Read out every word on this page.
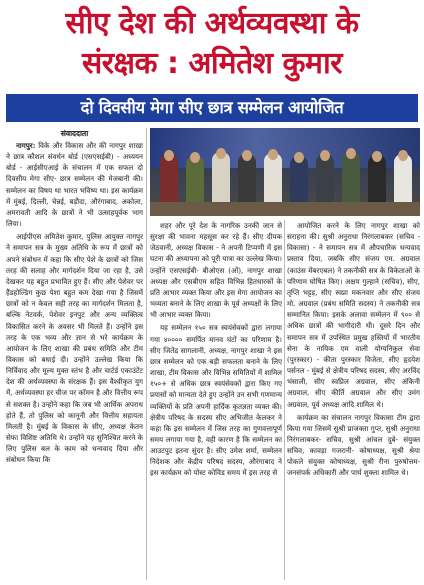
सीए देश की अर्थव्यवस्था के
संरक्षक : अमितेश कुमार
दो दिवसीय मेगा सीए छात्र सम्मेलन आयोजित
संवाददाता

नागपुर: विके और विकास और की नागपुर शाखा ने छात्र कौशल संवर्धन बोर्ड (एसएसईबी) - अध्ययन बोर्ड - आईसीएआई के संचालन में एक सफल दो दिवसीय मेगा सीए- छात्र सम्मेलन की मेजबानी की। सम्मेलन का विषय था भारत भविष्य था। इस कार्यक्रम में मुंबई, दिल्ली, चेन्नई, बड़ौदा, औरंगाबाद, अकोला, अमरावती आदि के छात्रों ने भी उत्साहपूर्वक भाग लिया।

आईपीएस अमितेश कुमार, पुलिस आयुक्त नागपुर ने समापन सत्र के मुख्य अतिथि के रूप में छात्रों को अपने संबोधन में कहा कि सीए पेशे के छात्रों को जिस तरह की सलाह और मार्गदर्शन दिया जा रहा है, उसे देखकर यह बहुत प्रभावित हुए हैं। सीए और पेशेवर पर हैंडहोल्डिंग कुछ पेशा बहुत कम देखा गया है जिसमें छात्रों को न केवल सही तरह का मार्गदर्शन मिलता है, बल्कि नेटवर्क, पेशेवर इनपुट और अन्य व्यक्तित्व विकासित करने के अवसर भी मिलते हैं। उन्होंने इस तरह के एक भव्य और ज्ञान से भरे कार्यक्रम के आयोजन के लिए शाखा की प्रबंध समिति और टीम विकास को बधाई दी। उन्होंने उल्लेख किया कि निर्विवाद और मूल्य मुक्त स्तंभ है और चार्टर्ड एकाउंटेंट देश की अर्थव्यवस्था के संरक्षक हैं। इस वैश्वीकृत युग में, अर्थव्यवस्था हर चीज पर कॉमन है और वित्तीय रूप से सशक्त है। उन्होंने कहा कि जब भी आर्थिक अपराध होते हैं, तो पुलिस को कानूनी और वित्तीय सहायता मिलती है। मुंबई के विकास के सीए, अध्यक्ष केतन सेफा विशिष्ट अतिथि थे। उन्होंने यह सुनिश्चित करने के लिए पुलिस बल के काम को धन्यवाद दिया और संबोधन किया कि

शहर और पूरे देश के नागरिक उनकी जान से सुरक्षा की भावना महसूस कर रहे हैं। सीए दीपक जेठवानी, अध्यक्ष विकास - ने अपनी टिप्पणी में इस घटना की अध्यापना को पूरी यात्रा का उल्लेख किया। उन्होंने एसएसईबी- बीओएस (ओं), नागपुर शाखा अध्यक्ष और एसबीएम सहित विभिन्न हितधारकों के प्रति आभार व्यक्त किया और इस मेगा आयोजन का भव्यता बनाने के लिए शाखा के पूर्व अध्यक्षों के लिए भी आभार व्यक्त किया।

यह सम्मेलन १५० सत्र स्वयंसेवकों द्वारा लगाया गया ४०००० समर्पित मानव घंटों का परिणाम है। सीए जितेंद्र सागलानी, अध्यक्ष, नागपुर शाखा ने इस छात्र सम्मेलन को एक बड़ी सफलता बनाने के लिए शाखा, टीम विकास और विभिन्न समितियों में शामिल १५०+ से अधिक छात्र स्वयंसेवकों द्वारा किए गए प्रयासों को मान्यता देते हुए उन्होंने उन सभी गणमान्य व्यक्तियों के प्रति अपनी हार्दिक कृतज्ञता व्यक्त की। क्षेत्रीय परिषद के सदस्य सीए अभिजीत केलकर ने कहा कि इस सम्मेलन में जिस तरह का गुणवत्तापूर्ण समय लगाया गया है, वही कारण है कि सम्मेलन का आउटपुट इतना सुंदर है। सीए उमेश शर्मा, सम्मेलन निदेशक और केंद्रीय परिषद सदस्य, औरंगाबाद ने इस कार्यक्रम को पोस्ट कोविड समय में इस तरह से

आयोजित करने के लिए नागपुर शाखा को सराहना की। सुश्री अनुराधा निरंगलाबकर (सचिव - विकासा) - ने समापन सत्र में औपचारिक धन्यवाद प्रस्ताव दिया, जबकि सीए संजय एम. अग्रवाल (काउंस मेंबरएबल) ने तकनीकी सत्र के विकेताओं के परिणाम घोषित किए। अक्षय गुल्हाने (सचिव), सीए, तृप्ति भट्टड़, सीए स्वप्ना मकनवार और सीए संजय मो. अग्रवाल (प्रबंध समिति सदस्य) ने तकनीकी सत्र सम्मानित किया। इसके अलावा सम्मेलन में ९०० से अधिक छात्रों की भागीदारी थी। दूसरे दिन और समापन सत्र में उपस्थित प्रमुख हस्तियों में भारतीय सेना के नायिक एम वाली योग्यनिकुल सेवा (पुरस्कार) - कीता पुरस्कार विजेता, सीए हृदयेश पर्सनल - मुंबई से क्षेत्रीय परिषद सदस्य, सीए अरविंद भंसाली, सीए स्वप्निल अग्रवाल, सीए अंकिनी अग्रवाल, सीए कीर्ति अग्रवाल और सीए उमंग अग्रवाल, पूर्व अध्यक्ष आदि शामिल थे।

कार्यक्रम का संचालन नागपुर विकासा टीम द्वारा किया गया जिसमें सुश्री प्राजक्ता गुप्त, सुश्री अनुराधा निरंगलाबकर- सचिव, सुश्री आंचल दुबे- संयुक्त सचिव, कावड़ा गजरानी- कोषाध्यक्ष, सुश्री श्रेया पोकले संयुक्त कोषाध्यक्ष, सुश्री रीना पुरुषोत्तम- जनसंपर्क अधिकारी और पार्थ शुक्ला शामिल थे।
